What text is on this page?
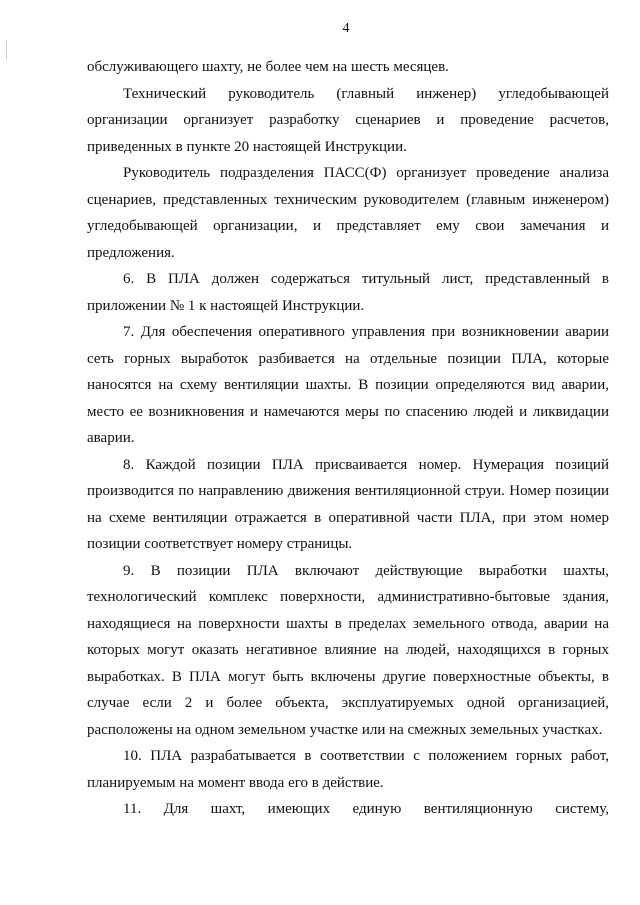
4

обслуживающего шахту, не более чем на шесть месяцев.

Технический руководитель (главный инженер) угледобывающей организации организует разработку сценариев и проведение расчетов, приведенных в пункте 20 настоящей Инструкции.

Руководитель подразделения ПАСС(Ф) организует проведение анализа сценариев, представленных техническим руководителем (главным инженером) угледобывающей организации, и представляет ему свои замечания и предложения.

6. В ПЛА должен содержаться титульный лист, представленный в приложении № 1 к настоящей Инструкции.

7. Для обеспечения оперативного управления при возникновении аварии сеть горных выработок разбивается на отдельные позиции ПЛА, которые наносятся на схему вентиляции шахты. В позиции определяются вид аварии, место ее возникновения и намечаются меры по спасению людей и ликвидации аварии.

8. Каждой позиции ПЛА присваивается номер. Нумерация позиций производится по направлению движения вентиляционной струи. Номер позиции на схеме вентиляции отражается в оперативной части ПЛА, при этом номер позиции соответствует номеру страницы.

9. В позиции ПЛА включают действующие выработки шахты, технологический комплекс поверхности, административно-бытовые здания, находящиеся на поверхности шахты в пределах земельного отвода, аварии на которых могут оказать негативное влияние на людей, находящихся в горных выработках. В ПЛА могут быть включены другие поверхностные объекты, в случае если 2 и более объекта, эксплуатируемых одной организацией, расположены на одном земельном участке или на смежных земельных участках.

10. ПЛА разрабатывается в соответствии с положением горных работ, планируемым на момент ввода его в действие.

11. Для шахт, имеющих единую вентиляционную систему,
